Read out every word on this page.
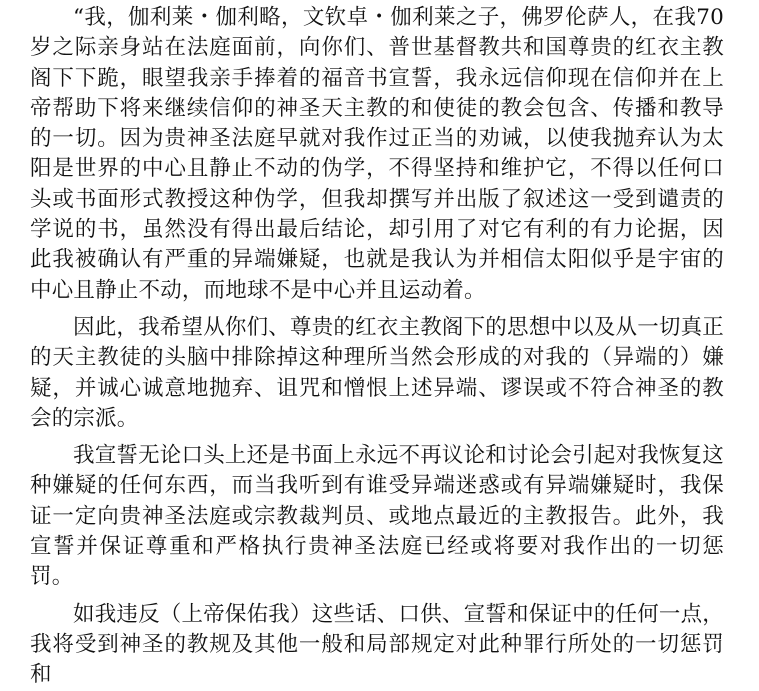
“我，伽利莱・伽利略，文钦卓・伽利莱之子，佛罗伦萨人，在我70岁之际亲身站在法庭面前，向你们、普世基督教共和国尊贵的红衣主教阁下下跪，眼望我亲手捧着的福音书宣誓，我永远信仰现在信仰并在上帝帮助下将来继续信仰的神圣天主教的和使徒的教会包含、传播和教导的一切。因为贵神圣法庭早就对我作过正当的劝诫，以使我抛弃认为太阳是世界的中心且静止不动的伪学，不得坚持和维护它，不得以任何口头或书面形式教授这种伪学，但我却撰写并出版了叙述这一受到谴责的学说的书，虽然没有得出最后结论，却引用了对它有利的有力论据，因此我被确认有严重的异端嫌疑，也就是我认为并相信太阳似乎是宇宙的中心且静止不动，而地球不是中心并且运动着。

因此，我希望从你们、尊贵的红衣主教阁下的思想中以及从一切真正的天主教徒的头脑中排除掉这种理所当然会形成的对我的（异端的）嫌疑，并诚心诚意地抛弃、诅咒和憎恨上述异端、谬误或不符合神圣的教会的宗派。

我宣誓无论口头上还是书面上永远不再议论和讨论会引起对我恢复这种嫌疑的任何东西，而当我听到有谁受异端迷惑或有异端嫌疑时，我保证一定向贵神圣法庭或宗教裁判员、或地点最近的主教报告。此外，我宣誓并保证尊重和严格执行贵神圣法庭已经或将要对我作出的一切惩罚。

如我违反（上帝保佑我）这些话、口供、宣誓和保证中的任何一点，我将受到神圣的教规及其他一般和局部规定对此种罪行所处的一切惩罚和
